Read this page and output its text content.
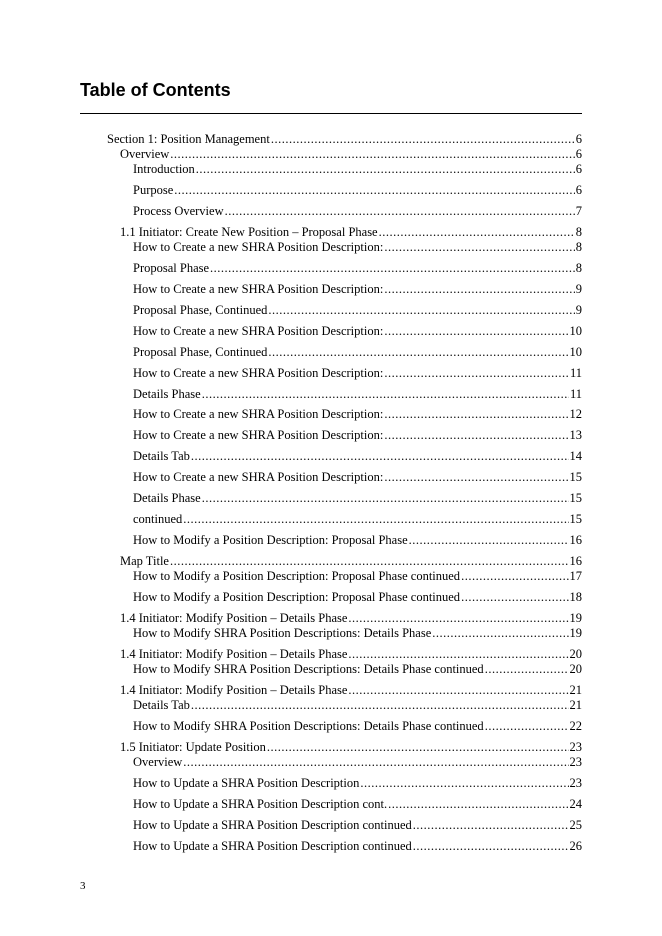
Table of Contents
Section 1: Position Management .....	6
Overview .....	6
Introduction .....	6
Purpose .....	6
Process Overview .....	7
1.1 Initiator: Create New Position – Proposal Phase .....	8
How to Create a new SHRA Position Description: .....	8
Proposal Phase .....	8
How to Create a new SHRA Position Description: .....	9
Proposal Phase, Continued .....	9
How to Create a new SHRA Position Description: .....	10
Proposal Phase, Continued .....	10
How to Create a new SHRA Position Description: .....	11
Details Phase .....	11
How to Create a new SHRA Position Description: .....	12
How to Create a new SHRA Position Description: .....	13
Details Tab .....	14
How to Create a new SHRA Position Description: .....	15
Details Phase .....	15
continued .....	15
How to Modify a Position Description: Proposal Phase .....	16
Map Title .....	16
How to Modify a Position Description: Proposal Phase continued .....	17
How to Modify a Position Description: Proposal Phase continued .....	18
1.4 Initiator: Modify Position – Details Phase .....	19
How to Modify SHRA Position Descriptions: Details Phase .....	19
1.4 Initiator: Modify Position – Details Phase .....	20
How to Modify SHRA Position Descriptions: Details Phase continued .....	20
1.4 Initiator: Modify Position – Details Phase .....	21
Details Tab .....	21
How to Modify SHRA Position Descriptions: Details Phase continued .....	22
1.5 Initiator: Update Position .....	23
Overview .....	23
How to Update a SHRA Position Description .....	23
How to Update a SHRA Position Description cont. .....	24
How to Update a SHRA Position Description continued .....	25
How to Update a SHRA Position Description continued .....	26
3
